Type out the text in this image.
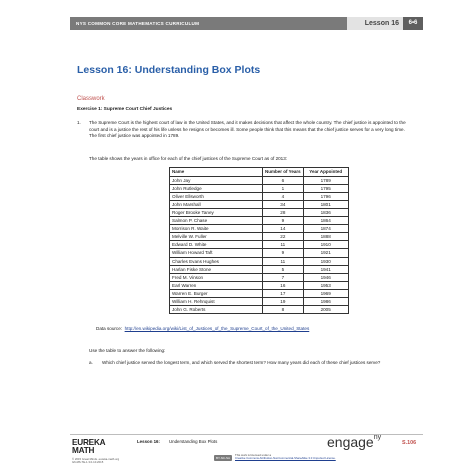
NYS COMMON CORE MATHEMATICS CURRICULUM	Lesson 16	6•6
Lesson 16: Understanding Box Plots
Classwork
Exercise 1: Supreme Court Chief Justices
1. The Supreme Court is the highest court of law in the United States, and it makes decisions that affect the whole country. The chief justice is appointed to the court and is a justice the rest of his life unless he resigns or becomes ill. Some people think that this means that the chief justice serves for a very long time. The first chief justice was appointed in 1789.
The table shows the years in office for each of the chief justices of the Supreme Court as of 2013:
Name	Number of Years	Year Appointed
John Jay	6	1789
John Rutledge	1	1795
Oliver Ellsworth	4	1796
John Marshall	34	1801
Roger Brooke Taney	28	1836
Salmon P. Chase	9	1864
Morrison R. Waite	14	1874
Melville W. Fuller	22	1888
Edward D. White	11	1910
William Howard Taft	9	1921
Charles Evans Hughes	11	1930
Harlan Fiske Stone	5	1941
Fred M. Vinson	7	1946
Earl Warren	16	1953
Warren E. Burger	17	1969
William H. Rehnquist	19	1986
John G. Roberts	8	2005
Data source: http://en.wikipedia.org/wiki/List_of_Justices_of_the_Supreme_Court_of_the_United_States
Use the table to answer the following:
a. Which chief justice served the longest term, and which served the shortest term? How many years did each of these chief justices serve?
EUREKA
MATH
Lesson 16: Understanding Box Plots
© 2015 Great Minds. eureka-math.org
G6-M6-TE-1.3.0-10.2015
BY-NC-SA
This work is licensed under a
Creative Commons Attribution-NonCommercial-ShareAlike 3.0 Unported License.
engage$^{ny}$
S.106
